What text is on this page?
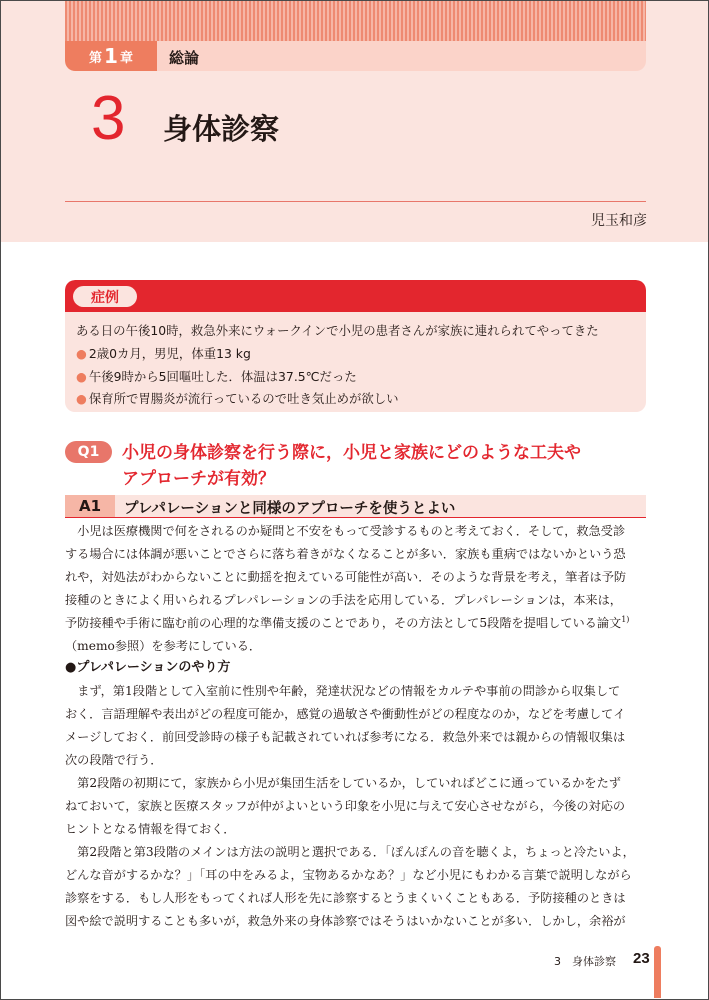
第 1 章 総論
3 身体診察
児玉和彦
症例
ある日の午後10時，救急外来にウォークインで小児の患者さんが家族に連れられてやってきた
● 2歳0カ月，男児，体重13 kg
● 午後9時から5回嘔吐した．体温は37.5℃だった
● 保育所で胃腸炎が流行っているので吐き気止めが欲しい
Q1	小児の身体診察を行う際に，小児と家族にどのような工夫や
アプローチが有効？
A1	プレパレーションと同様のアプローチを使うとよい
　小児は医療機関で何をされるのか疑問と不安をもって受診するものと考えておく．そして，救急受診
する場合には体調が悪いことでさらに落ち着きがなくなることが多い．家族も重病ではないかという恐
れや，対処法がわからないことに動揺を抱えている可能性が高い．そのような背景を考え，筆者は予防
接種のときによく用いられるプレパレーションの手法を応用している．プレパレーションは，本来は，
予防接種や手術に臨む前の心理的な準備支援のことであり，その方法として5段階を提唱している論文$^{1)}$
（memo参照）を参考にしている．
●プレパレーションのやり方
　まず，第1段階として入室前に性別や年齢，発達状況などの情報をカルテや事前の問診から収集して
おく．言語理解や表出がどの程度可能か，感覚の過敏さや衝動性がどの程度なのか，などを考慮してイ
メージしておく．前回受診時の様子も記載されていれば参考になる．救急外来では親からの情報収集は
次の段階で行う．
　第2段階の初期にて，家族から小児が集団生活をしているか，していればどこに通っているかをたず
ねておいて，家族と医療スタッフが仲がよいという印象を小児に与えて安心させながら，今後の対応の
ヒントとなる情報を得ておく．
　第2段階と第3段階のメインは方法の説明と選択である．「ぽんぽんの音を聴くよ，ちょっと冷たいよ，
どんな音がするかな？」「耳の中をみるよ，宝物あるかなあ？」など小児にもわかる言葉で説明しながら
診察をする．もし人形をもってくれば人形を先に診察するとうまくいくこともある．予防接種のときは
図や絵で説明することも多いが，救急外来の身体診察ではそうはいかないことが多い．しかし，余裕が
3　身体診察 23
